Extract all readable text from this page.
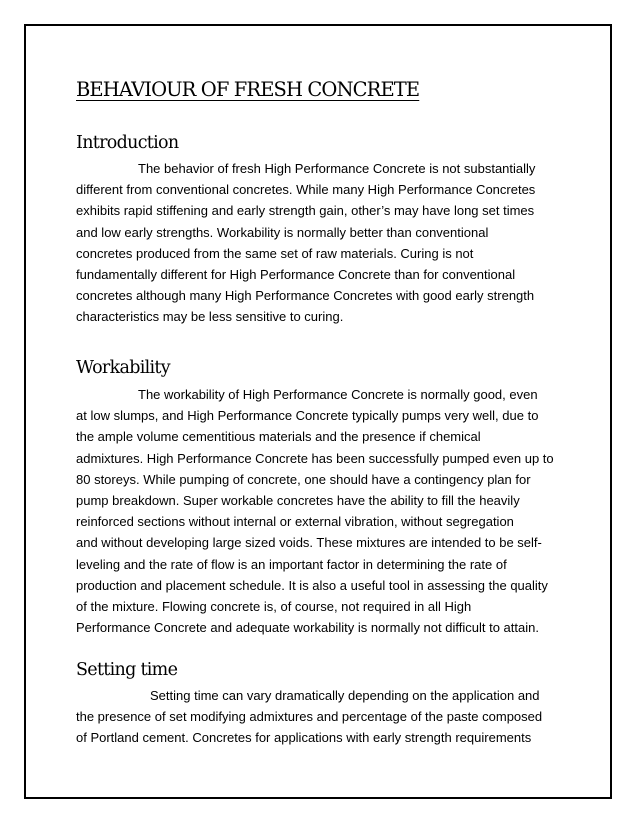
BEHAVIOUR OF FRESH CONCRETE
Introduction
The behavior of fresh High Performance Concrete is not substantially
different from conventional concretes. While many High Performance Concretes
exhibits rapid stiffening and early strength gain, other’s may have long set times
and low early strengths. Workability is normally better than conventional
concretes produced from the same set of raw materials. Curing is not
fundamentally different for High Performance Concrete than for conventional
concretes although many High Performance Concretes with good early strength
characteristics may be less sensitive to curing.
Workability
The workability of High Performance Concrete is normally good, even
at low slumps, and High Performance Concrete typically pumps very well, due to
the ample volume cementitious materials and the presence if chemical
admixtures. High Performance Concrete has been successfully pumped even up to
80 storeys. While pumping of concrete, one should have a contingency plan for
pump breakdown. Super workable concretes have the ability to fill the heavily
reinforced sections without internal or external vibration, without segregation
and without developing large sized voids. These mixtures are intended to be self-
leveling and the rate of flow is an important factor in determining the rate of
production and placement schedule. It is also a useful tool in assessing the quality
of the mixture. Flowing concrete is, of course, not required in all High
Performance Concrete and adequate workability is normally not difficult to attain.
Setting time
Setting time can vary dramatically depending on the application and
the presence of set modifying admixtures and percentage of the paste composed
of Portland cement. Concretes for applications with early strength requirements
